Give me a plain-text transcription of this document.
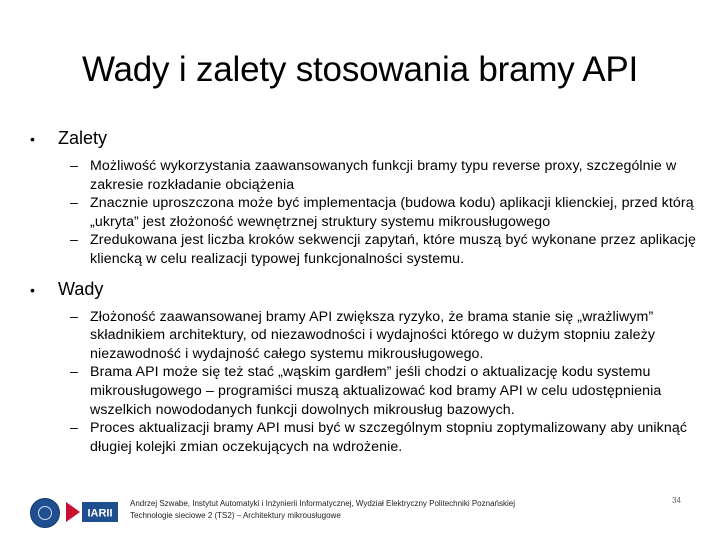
Wady i zalety stosowania bramy API
•	Zalety
– Możliwość wykorzystania zaawansowanych funkcji bramy typu reverse proxy, szczególnie w zakresie rozkładanie obciążenia
– Znacznie uproszczona może być implementacja (budowa kodu) aplikacji klienckiej, przed którą „ukryta” jest złożoność wewnętrznej struktury systemu mikrousługowego
– Zredukowana jest liczba kroków sekwencji zapytań, które muszą być wykonane przez aplikację kliencką w celu realizacji typowej funkcjonalności systemu.
•	Wady
– Złożoność zaawansowanej bramy API zwiększa ryzyko, że brama stanie się „wrażliwym” składnikiem architektury, od niezawodności i wydajności którego w dużym stopniu zależy niezawodność i wydajność całego systemu mikrousługowego.
– Brama API może się też stać „wąskim gardłem” jeśli chodzi o aktualizację kodu systemu mikrousługowego – programiści muszą aktualizować kod bramy API w celu udostępnienia wszelkich nowododanych funkcji dowolnych mikrousług bazowych.
– Proces aktualizacji bramy API musi być w szczególnym stopniu zoptymalizowany aby uniknąć długiej kolejki zmian oczekujących na wdrożenie.
IARII
Andrzej Szwabe, Instytut Automatyki i Inżynierii Informatycznej, Wydział Elektryczny Politechniki Poznańskiej
Technologie sieciowe 2 (TS2) – Architektury mikrousługowe
34
